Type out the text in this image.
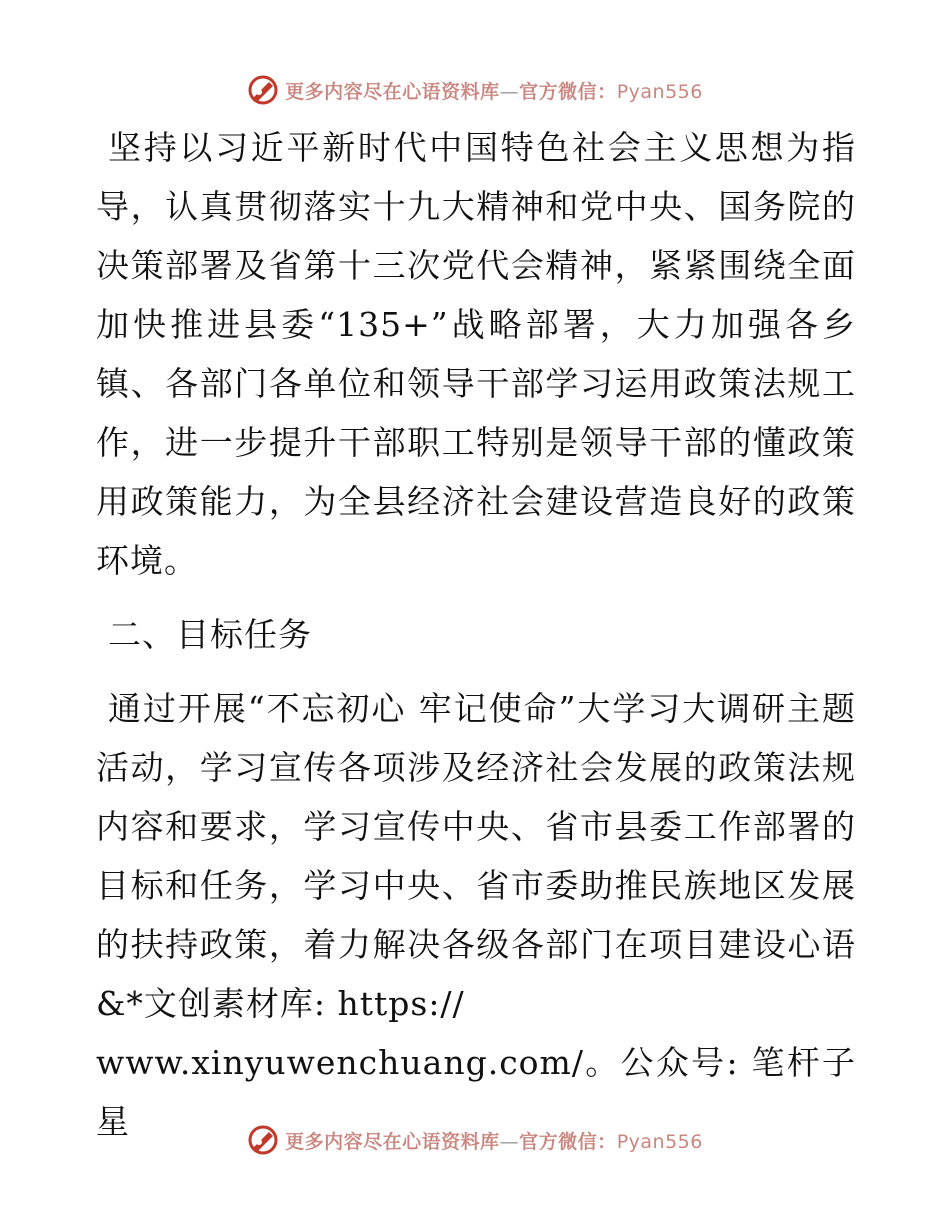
更多内容尽在心语资料库—官方微信：Pyan556

坚持以习近平新时代中国特色社会主义思想为指导，认真贯彻落实十九大精神和党中央、国务院的决策部署及省第十三次党代会精神，紧紧围绕全面加快推进县委“135+”战略部署，大力加强各乡镇、各部门各单位和领导干部学习运用政策法规工作，进一步提升干部职工特别是领导干部的懂政策用政策能力，为全县经济社会建设营造良好的政策环境。

二、目标任务

通过开展“不忘初心 牢记使命”大学习大调研主题活动，学习宣传各项涉及经济社会发展的政策法规内容和要求，学习宣传中央、省市县委工作部署的目标和任务，学习中央、省市委助推民族地区发展的扶持政策，着力解决各级各部门在项目建设心语&*文创素材库: https://
www.xinyuwenchuang.com/。公众号: 笔杆子星

更多内容尽在心语资料库—官方微信：Pyan556
